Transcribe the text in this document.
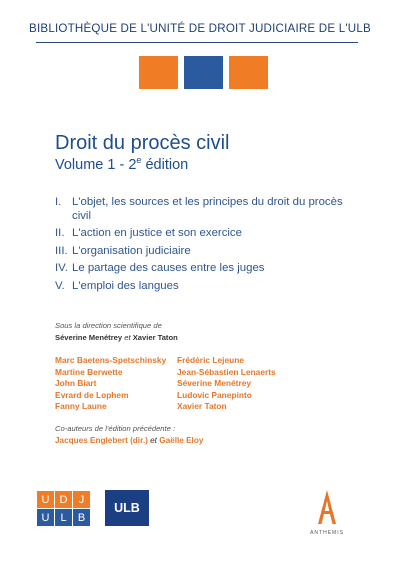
BIBLIOTHÈQUE DE L'UNITÉ DE DROIT JUDICIAIRE DE L'ULB
Droit du procès civil
Volume 1 - 2e édition
I. L'objet, les sources et les principes du droit du procès civil
II. L'action en justice et son exercice
III. L'organisation judiciaire
IV. Le partage des causes entre les juges
V. L'emploi des langues
Sous la direction scientifique de
Séverine Menétrey et Xavier Taton
Marc Baetens-Spetschinsky
Martine Berwette
John Biart
Evrard de Lophem
Fanny Laune
Frédéric Lejeune
Jean-Sébastien Lenaerts
Séverine Menétrey
Ludovic Panepinto
Xavier Taton
Co-auteurs de l'édition précédente :
Jacques Englebert (dir.) et Gaëlle Eloy
U D	J
U L	B
ULB
ANTHEMIS
